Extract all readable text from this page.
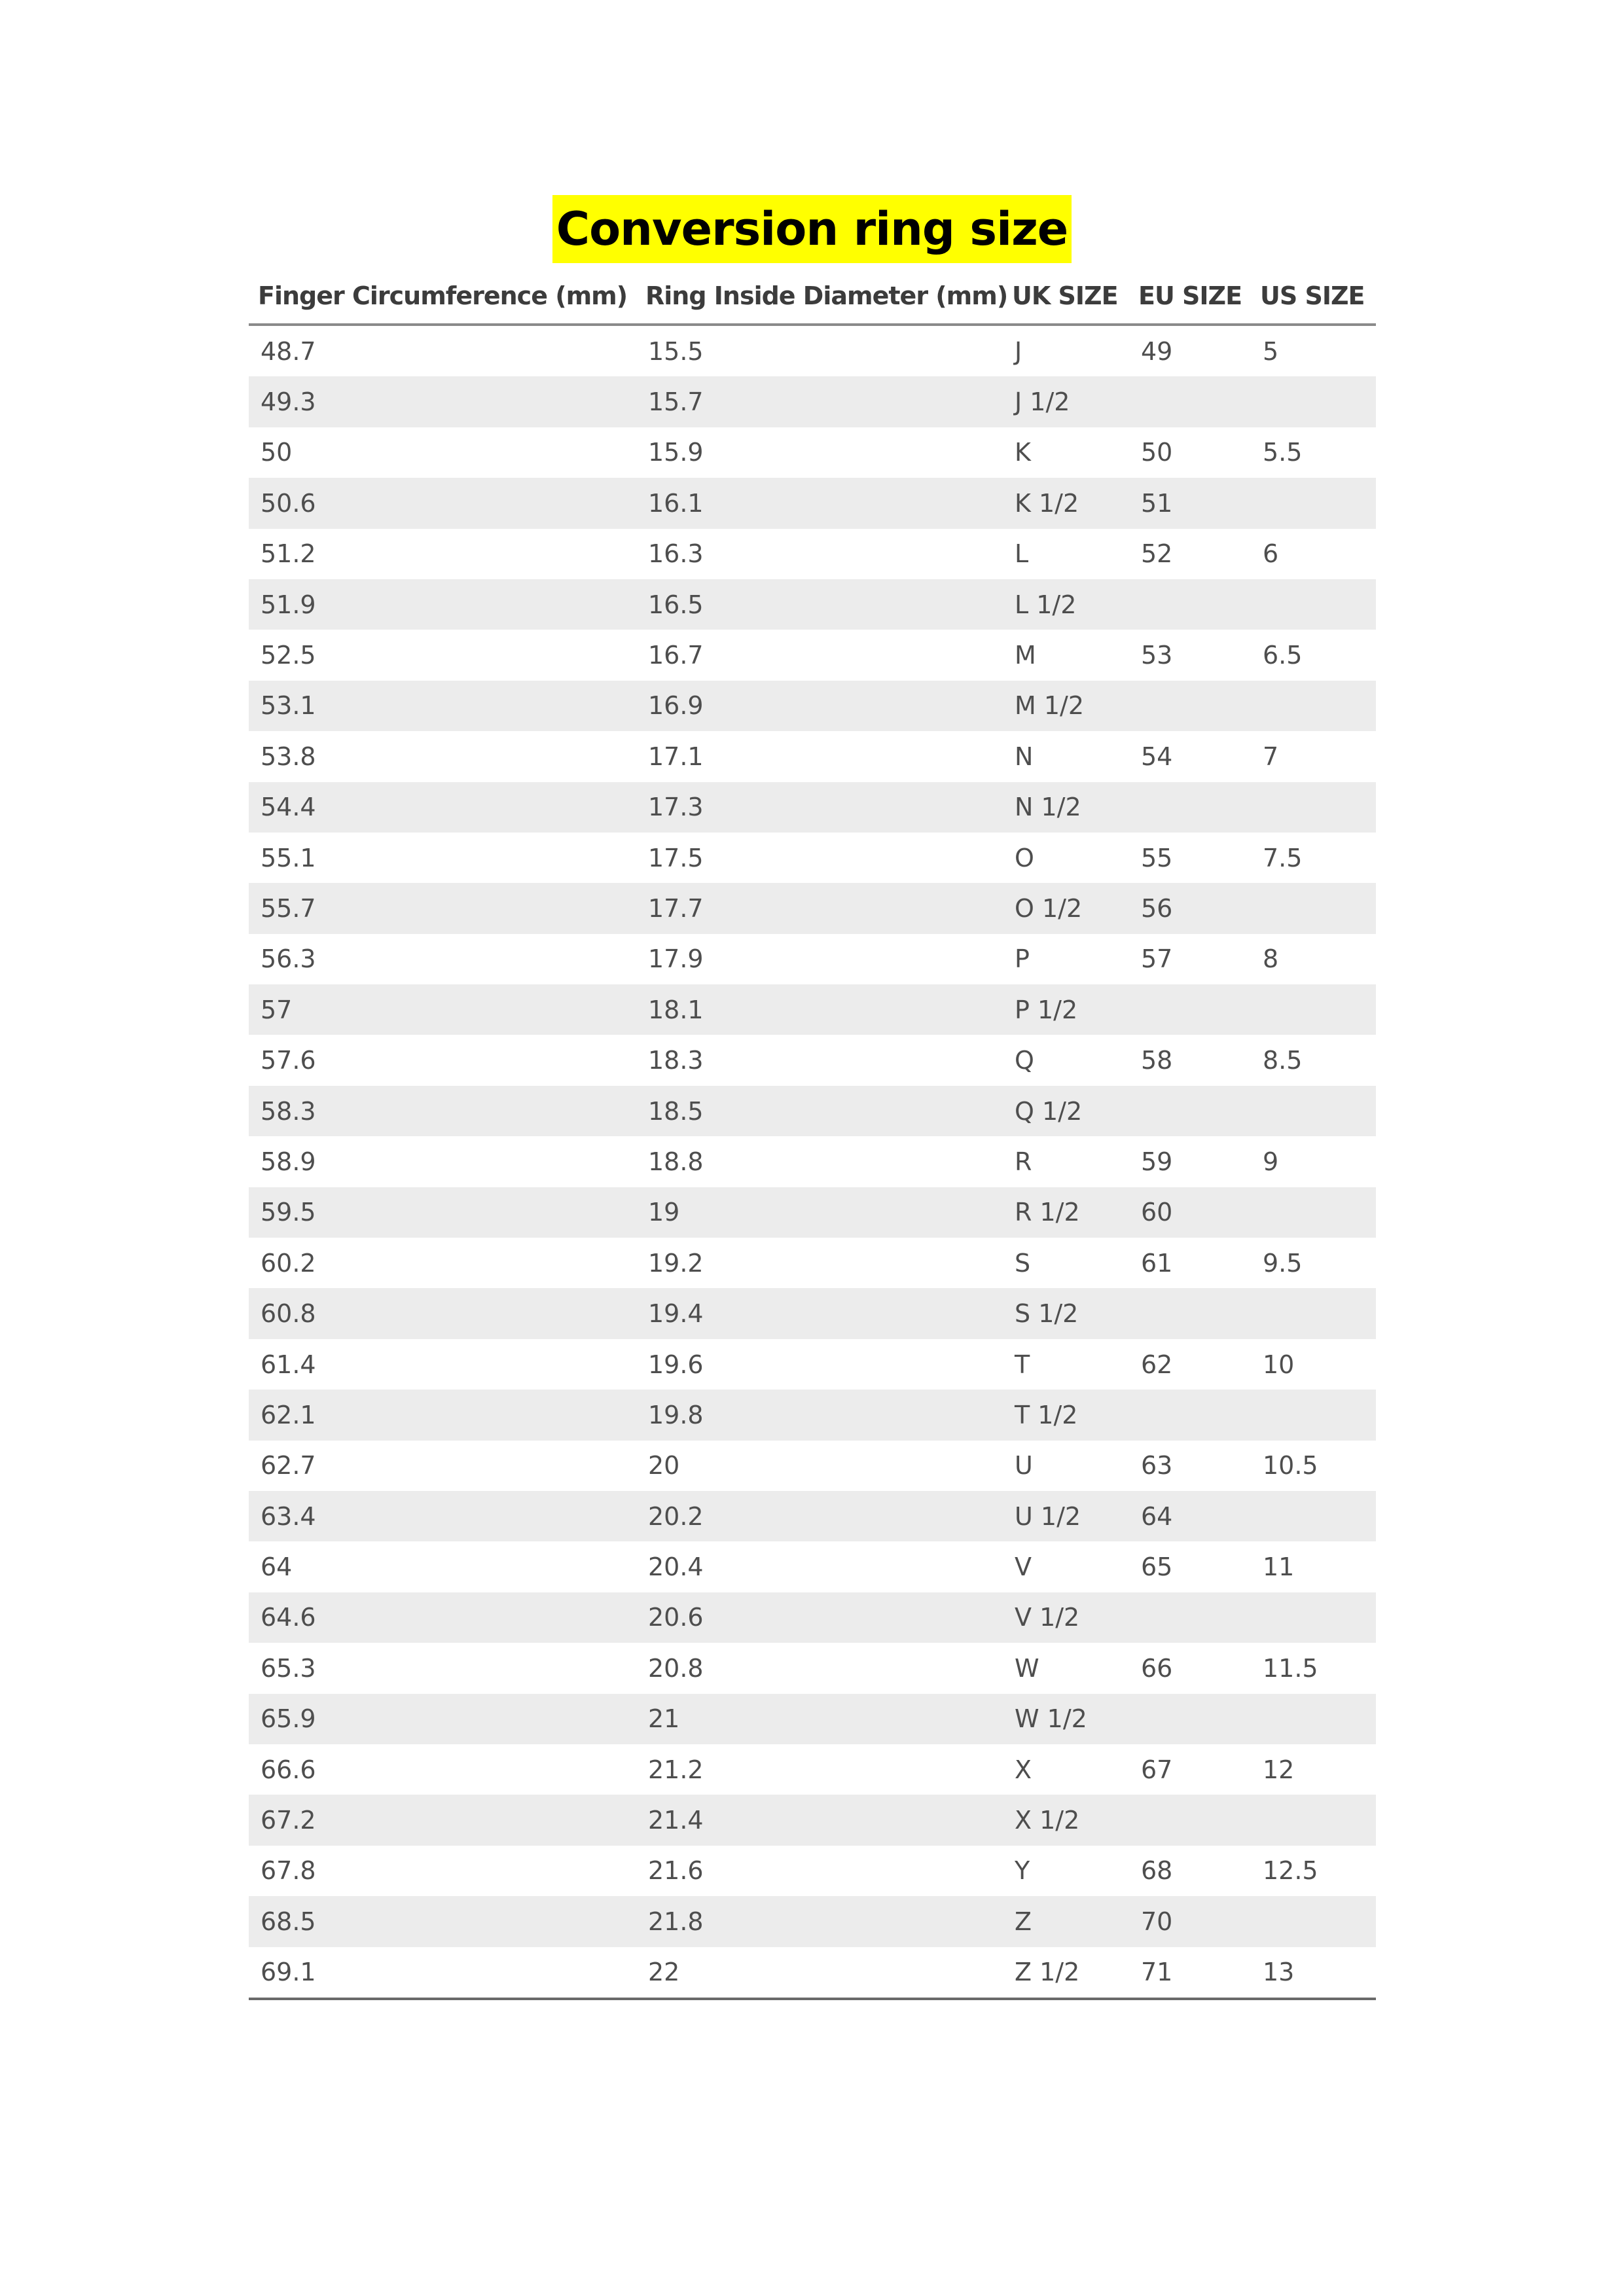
Conversion ring size
Finger Circumference (mm)	Ring Inside Diameter (mm)	UK SIZE	EU SIZE	US SIZE
48.7	15.5	J	49	5
49.3	15.7	J 1/2		
50	15.9	K	50	5.5
50.6	16.1	K 1/2	51	
51.2	16.3	L	52	6
51.9	16.5	L 1/2		
52.5	16.7	M	53	6.5
53.1	16.9	M 1/2		
53.8	17.1	N	54	7
54.4	17.3	N 1/2		
55.1	17.5	O	55	7.5
55.7	17.7	O 1/2	56	
56.3	17.9	P	57	8
57	18.1	P 1/2		
57.6	18.3	Q	58	8.5
58.3	18.5	Q 1/2		
58.9	18.8	R	59	9
59.5	19	R 1/2	60	
60.2	19.2	S	61	9.5
60.8	19.4	S 1/2		
61.4	19.6	T	62	10
62.1	19.8	T 1/2		
62.7	20	U	63	10.5
63.4	20.2	U 1/2	64	
64	20.4	V	65	11
64.6	20.6	V 1/2		
65.3	20.8	W	66	11.5
65.9	21	W 1/2		
66.6	21.2	X	67	12
67.2	21.4	X 1/2		
67.8	21.6	Y	68	12.5
68.5	21.8	Z	70	
69.1	22	Z 1/2	71	13
